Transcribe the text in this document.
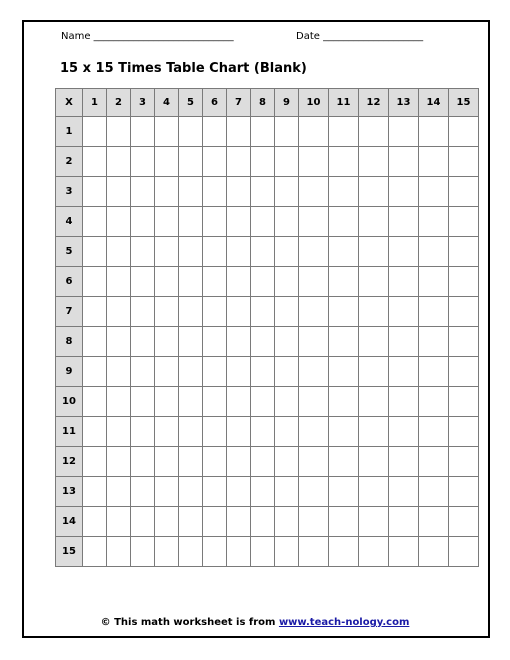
Name ____________________________	Date ____________________
15 x 15 Times Table Chart (Blank)
X	1	2	3	4	5	6	7	8	9	10	11	12	13	14	15
1															
2															
3															
4															
5															
6															
7															
8															
9															
10															
11															
12															
13															
14															
15															
© This math worksheet is from www.teach-nology.com
